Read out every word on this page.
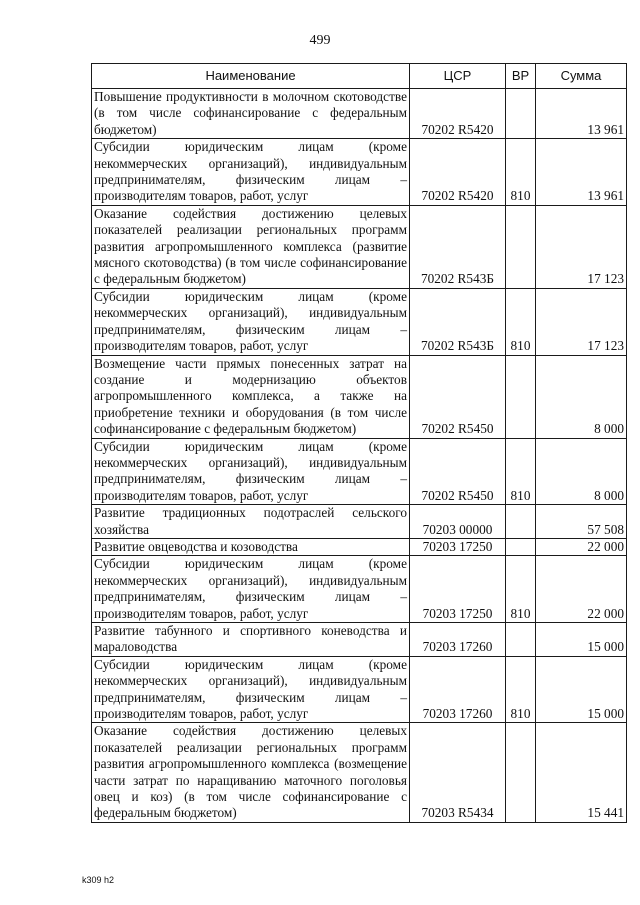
499
Наименование	ЦСР	ВР	Сумма
Повышение продуктивности в молочном скотоводстве (в том числе софинансирование с федеральным бюджетом)	70202 R5420		13 961
Субсидии юридическим лицам (кроме некоммерческих организаций), индивидуальным предпринимателям, физическим лицам – производителям товаров, работ, услуг	70202 R5420	810	13 961
Оказание содействия достижению целевых показателей реализации региональных программ развития агропромышленного комплекса (развитие мясного скотоводства) (в том числе софинансирование с федеральным бюджетом)	70202 R543Б		17 123
Субсидии юридическим лицам (кроме некоммерческих организаций), индивидуальным предпринимателям, физическим лицам – производителям товаров, работ, услуг	70202 R543Б	810	17 123
Возмещение части прямых понесенных затрат на создание и модернизацию объектов агропромышленного комплекса, а также на приобретение техники и оборудования (в том числе софинансирование с федеральным бюджетом)	70202 R5450		8 000
Субсидии юридическим лицам (кроме некоммерческих организаций), индивидуальным предпринимателям, физическим лицам – производителям товаров, работ, услуг	70202 R5450	810	8 000
Развитие традиционных подотраслей сельского хозяйства	70203 00000		57 508
Развитие овцеводства и козоводства	70203 17250		22 000
Субсидии юридическим лицам (кроме некоммерческих организаций), индивидуальным предпринимателям, физическим лицам – производителям товаров, работ, услуг	70203 17250	810	22 000
Развитие табунного и спортивного коневодства и мараловодства	70203 17260		15 000
Субсидии юридическим лицам (кроме некоммерческих организаций), индивидуальным предпринимателям, физическим лицам – производителям товаров, работ, услуг	70203 17260	810	15 000
Оказание содействия достижению целевых показателей реализации региональных программ развития агропромышленного комплекса (возмещение части затрат по наращиванию маточного поголовья овец и коз) (в том числе софинансирование с федеральным бюджетом)	70203 R5434		15 441
k309 h2
